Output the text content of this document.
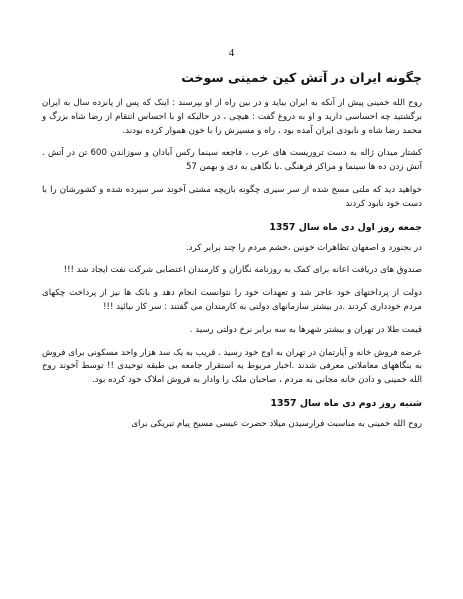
4
چگونه ایران در آتش کین خمینی سوخت
روح الله خمینی پیش از آنکه به ایران بیاید و در بین راه از او بپرسند : اینک که پس از پانزده سال به ایران برگشتید چه احساسی دارید و او به دروغ گفت : هیچی ، در حالیکه او با احساس انتقام از رضا شاه بزرگ و محمد رضا شاه و نابودی ایران آمده بود ، راه و مسیرش را با خون هموار کرده بودند.
کشتار میدان ژاله به دست تروریست های عرب ، فاجعه سینما رکس آبادان و سوزاندن 600 تن در آتش . آتش زدن ده ها سینما و مراکز فرهنگی .با نگاهی به دی و بهمن 57
خواهید دید که ملتی مسخ شده از سر سیری چگونه بازیچه مشتی آخوند سر سپرده شده و کشورشان را با دست خود نابود کردند
جمعه روز اول دی ماه سال 1357
در بجنورد و اصفهان تظاهرات خونین ،خشم مردم را چند برابر کرد.
صندوق های دریافت اعانه برای کمک به روزنامه نگاران و کارمندان اعتصابی شرکت نفت ایجاد شد !!!
دولت از پرداختهای خود عاجز شد و تعهدات خود را نتوانست انجام دهد و بانک ها نیز از پرداخت چکهای مردم خودداری کردند .در بیشتر سازمانهای دولتی به کارمندان می گفتند : سر کار نیائید !!!
قیمت طلا در تهران و بیشتر شهرها به سه برابر نرخ دولتی رسید .
عرضه فروش خانه و آپارتمان در تهران به اوج خود رسید . قریب به یک سد هزار واحد مسکونی برای فروش به بنگاههای معاملاتی معرفی شدند .اخبار مربوط به استقرار جامعه بی طبقه توحیدی !! توسط آخوند روح الله خمینی و دادن خانه مجانی به مردم ، صاحبان ملک را وادار به فروش املاک خود کرده بود.
شنبه روز دوم دی ماه سال 1357
روح الله خمینی به مناسبت فرارسیدن میلاد حضرت عیسی مسیح پیام تبریکی برای
